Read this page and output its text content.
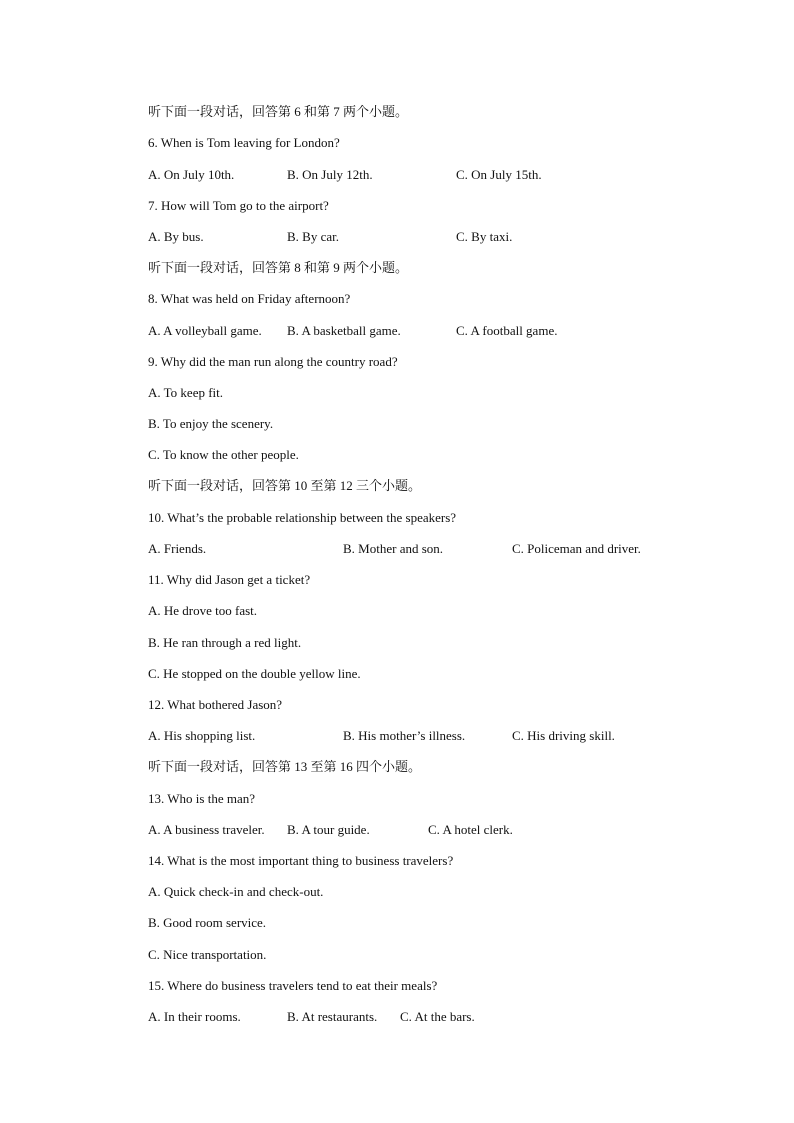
听下面一段对话，回答第 6 和第 7 两个小题。
6. When is Tom leaving for London?
A. On July 10th.	B. On July 12th.	C. On July 15th.
7. How will Tom go to the airport?
A. By bus.	B. By car.	C. By taxi.
听下面一段对话，回答第 8 和第 9 两个小题。
8. What was held on Friday afternoon?
A. A volleyball game. B. A basketball game.	C. A football game.
9. Why did the man run along the country road?
A. To keep fit.
B. To enjoy the scenery.
C. To know the other people.
听下面一段对话，回答第 10 至第 12 三个小题。
10. What’s the probable relationship between the speakers?
A. Friends.	B. Mother and son.	C. Policeman and driver.
11. Why did Jason get a ticket?
A. He drove too fast.
B. He ran through a red light.
C. He stopped on the double yellow line.
12. What bothered Jason?
A. His shopping list.	B. His mother’s illness.	C. His driving skill.
听下面一段对话，回答第 13 至第 16 四个小题。
13. Who is the man?
A. A business traveler. B. A tour guide.	C. A hotel clerk.
14. What is the most important thing to business travelers?
A. Quick check-in and check-out.
B. Good room service.
C. Nice transportation.
15. Where do business travelers tend to eat their meals?
A. In their rooms.	B. At restaurants. C. At the bars.
